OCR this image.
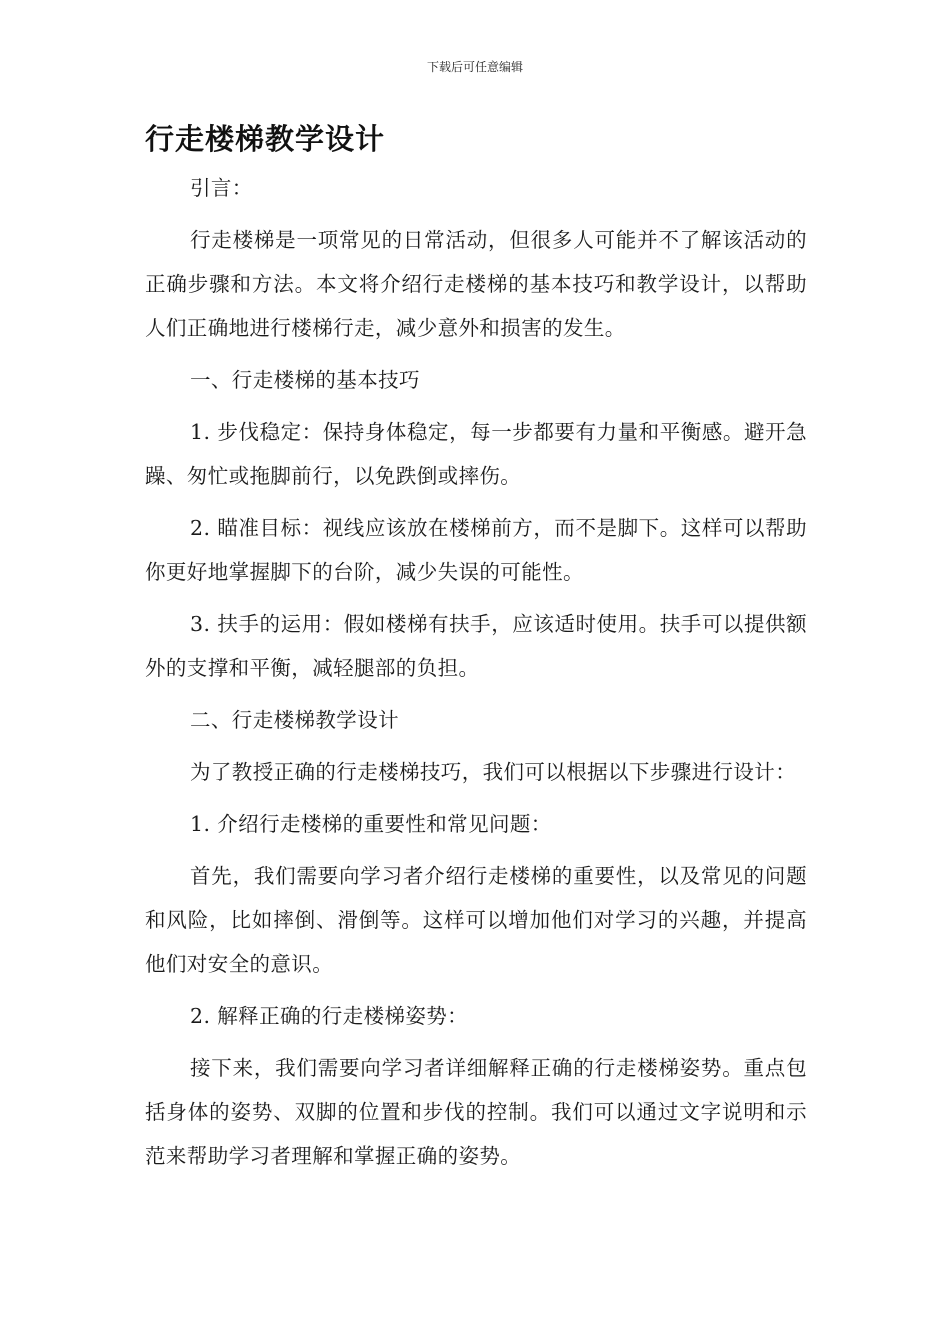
下载后可任意编辑
行走楼梯教学设计

引言：

行走楼梯是一项常见的日常活动，但很多人可能并不了解该活动的正确步骤和方法。本文将介绍行走楼梯的基本技巧和教学设计，以帮助人们正确地进行楼梯行走，减少意外和损害的发生。

一、行走楼梯的基本技巧

1. 步伐稳定：保持身体稳定，每一步都要有力量和平衡感。避开急躁、匆忙或拖脚前行，以免跌倒或摔伤。

2. 瞄准目标：视线应该放在楼梯前方，而不是脚下。这样可以帮助你更好地掌握脚下的台阶，减少失误的可能性。

3. 扶手的运用：假如楼梯有扶手，应该适时使用。扶手可以提供额外的支撑和平衡，减轻腿部的负担。

二、行走楼梯教学设计

为了教授正确的行走楼梯技巧，我们可以根据以下步骤进行设计：

1. 介绍行走楼梯的重要性和常见问题：

首先，我们需要向学习者介绍行走楼梯的重要性，以及常见的问题和风险，比如摔倒、滑倒等。这样可以增加他们对学习的兴趣，并提高他们对安全的意识。

2. 解释正确的行走楼梯姿势：

接下来，我们需要向学习者详细解释正确的行走楼梯姿势。重点包括身体的姿势、双脚的位置和步伐的控制。我们可以通过文字说明和示范来帮助学习者理解和掌握正确的姿势。
